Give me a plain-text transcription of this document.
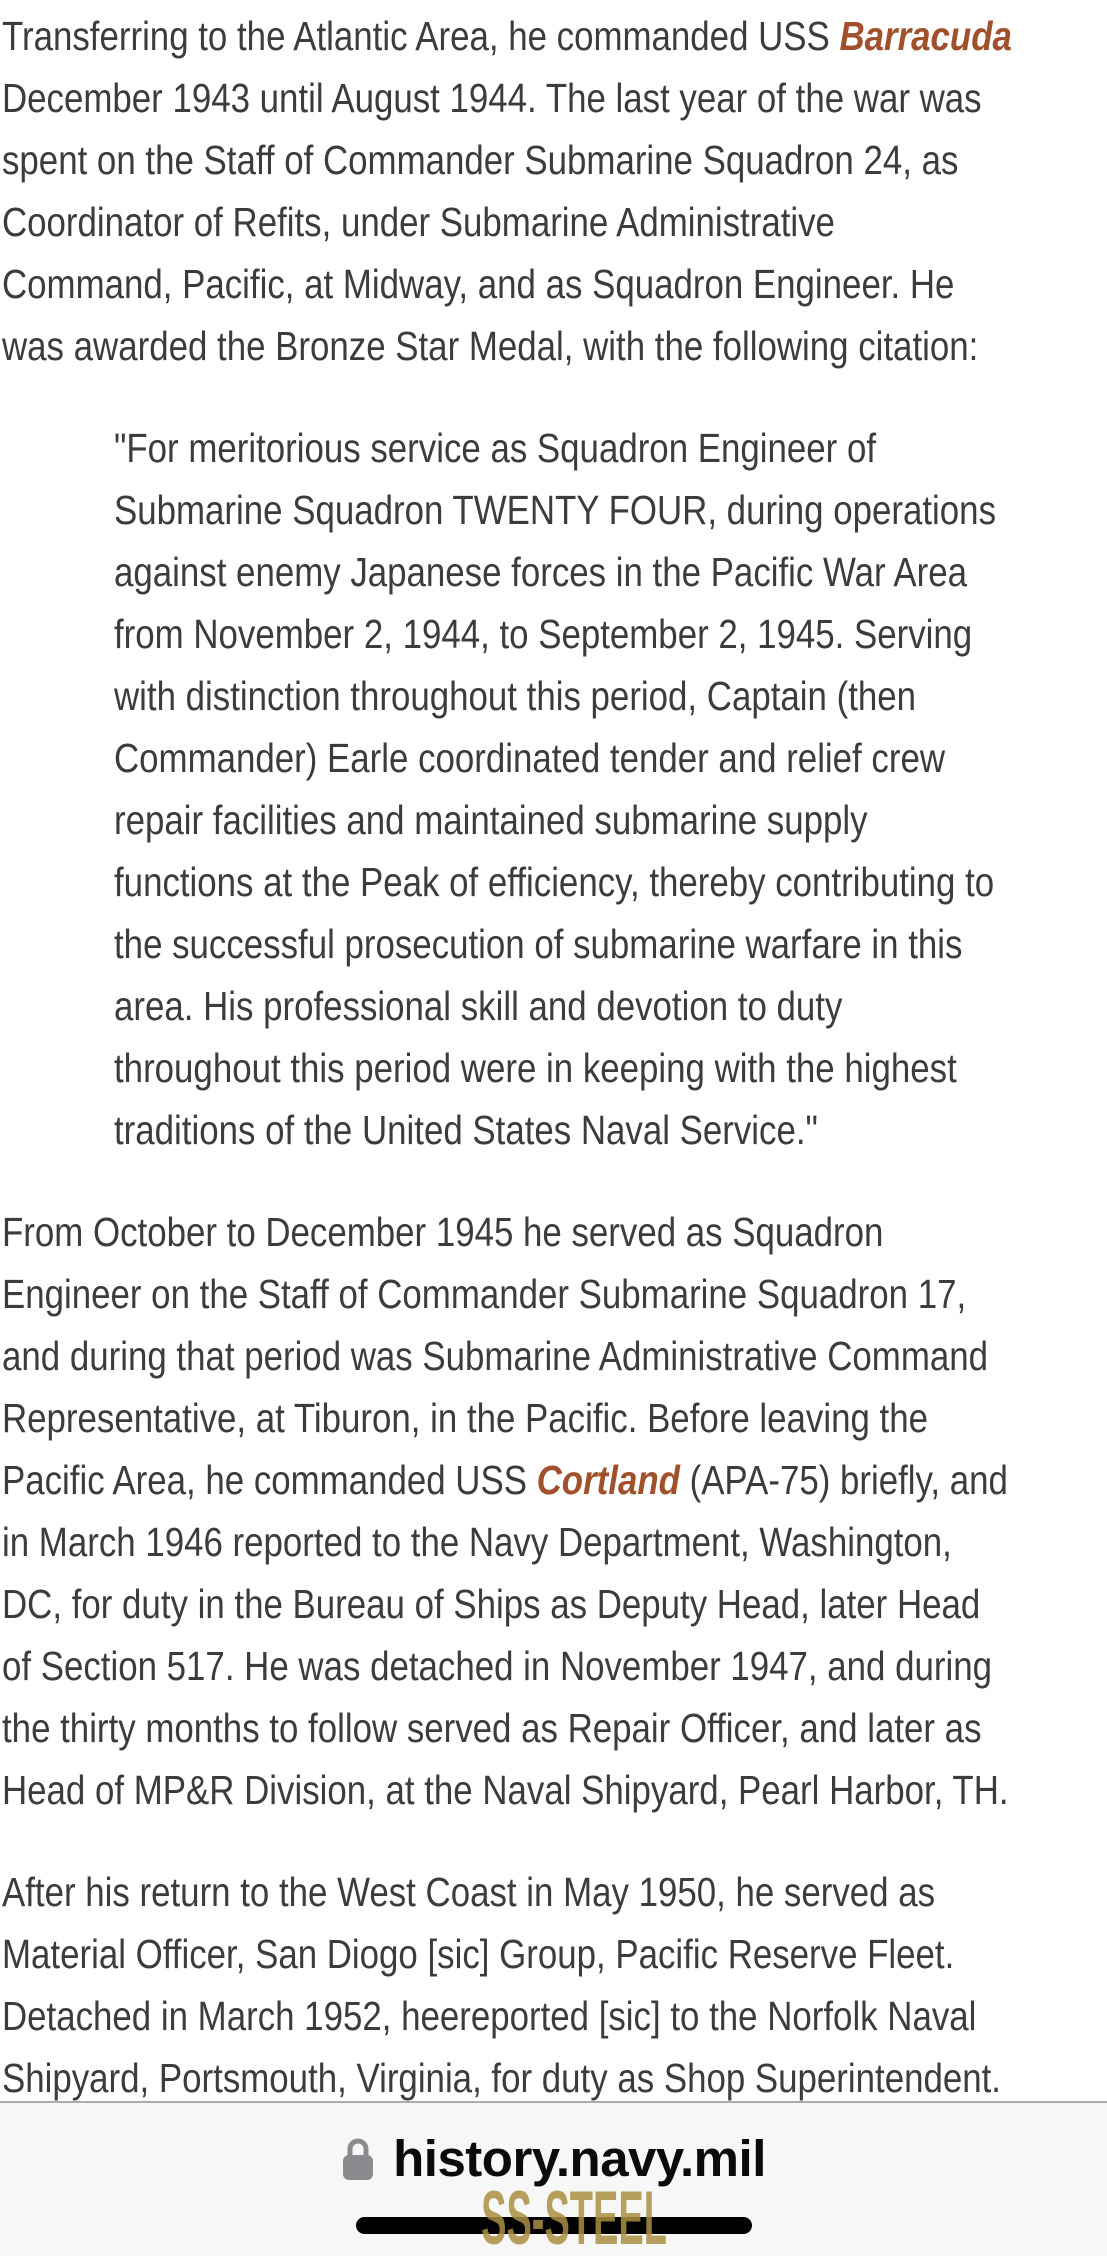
Transferring to the Atlantic Area, he commanded USS Barracuda
December 1943 until August 1944. The last year of the war was
spent on the Staff of Commander Submarine Squadron 24, as
Coordinator of Refits, under Submarine Administrative
Command, Pacific, at Midway, and as Squadron Engineer. He
was awarded the Bronze Star Medal, with the following citation:
"For meritorious service as Squadron Engineer of
Submarine Squadron TWENTY FOUR, during operations
against enemy Japanese forces in the Pacific War Area
from November 2, 1944, to September 2, 1945. Serving
with distinction throughout this period, Captain (then
Commander) Earle coordinated tender and relief crew
repair facilities and maintained submarine supply
functions at the Peak of efficiency, thereby contributing to
the successful prosecution of submarine warfare in this
area. His professional skill and devotion to duty
throughout this period were in keeping with the highest
traditions of the United States Naval Service."
From October to December 1945 he served as Squadron
Engineer on the Staff of Commander Submarine Squadron 17,
and during that period was Submarine Administrative Command
Representative, at Tiburon, in the Pacific. Before leaving the
Pacific Area, he commanded USS Cortland (APA-75) briefly, and
in March 1946 reported to the Navy Department, Washington,
DC, for duty in the Bureau of Ships as Deputy Head, later Head
of Section 517. He was detached in November 1947, and during
the thirty months to follow served as Repair Officer, and later as
Head of MP&R Division, at the Naval Shipyard, Pearl Harbor, TH.
After his return to the West Coast in May 1950, he served as
Material Officer, San Diogo [sic] Group, Pacific Reserve Fleet.
Detached in March 1952, heereported [sic] to the Norfolk Naval
Shipyard, Portsmouth, Virginia, for duty as Shop Superintendent.
history.navy.mil
SS-STEEL
